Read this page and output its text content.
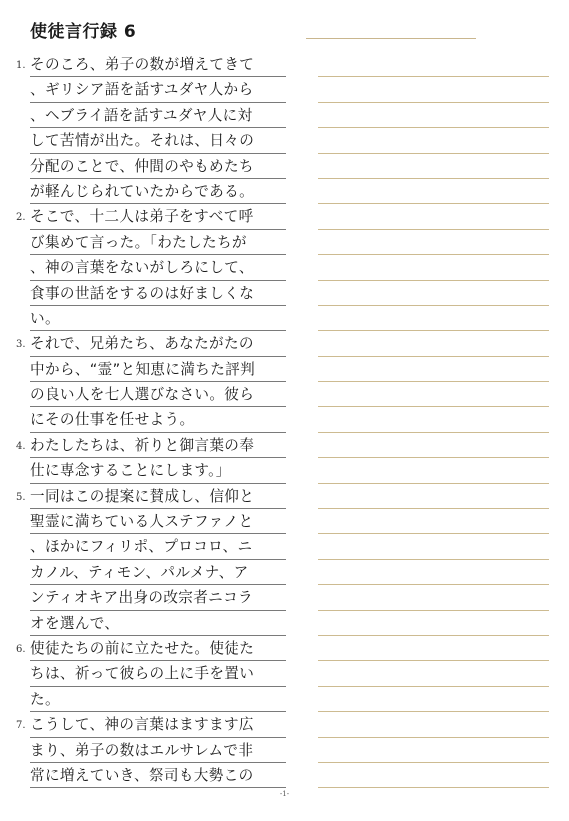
使徒言行録 6
1. そのころ、弟子の数が増えてきて
、ギリシア語を話すユダヤ人から
、ヘブライ語を話すユダヤ人に対
して苦情が出た。それは、日々の
分配のことで、仲間のやもめたち
が軽んじられていたからである。
2. そこで、十二人は弟子をすべて呼
び集めて言った。「わたしたちが
、神の言葉をないがしろにして、
食事の世話をするのは好ましくな
い。
3. それで、兄弟たち、あなたがたの
中から、“霊”と知恵に満ちた評判
の良い人を七人選びなさい。彼ら
にその仕事を任せよう。
4. わたしたちは、祈りと御言葉の奉
仕に専念することにします。」
5. 一同はこの提案に賛成し、信仰と
聖霊に満ちている人ステファノと
、ほかにフィリポ、プロコロ、ニ
カノル、ティモン、パルメナ、ア
ンティオキア出身の改宗者ニコラ
オを選んで、
6. 使徒たちの前に立たせた。使徒た
ちは、祈って彼らの上に手を置い
た。
7. こうして、神の言葉はますます広
まり、弟子の数はエルサレムで非
常に増えていき、祭司も大勢この
-1-
